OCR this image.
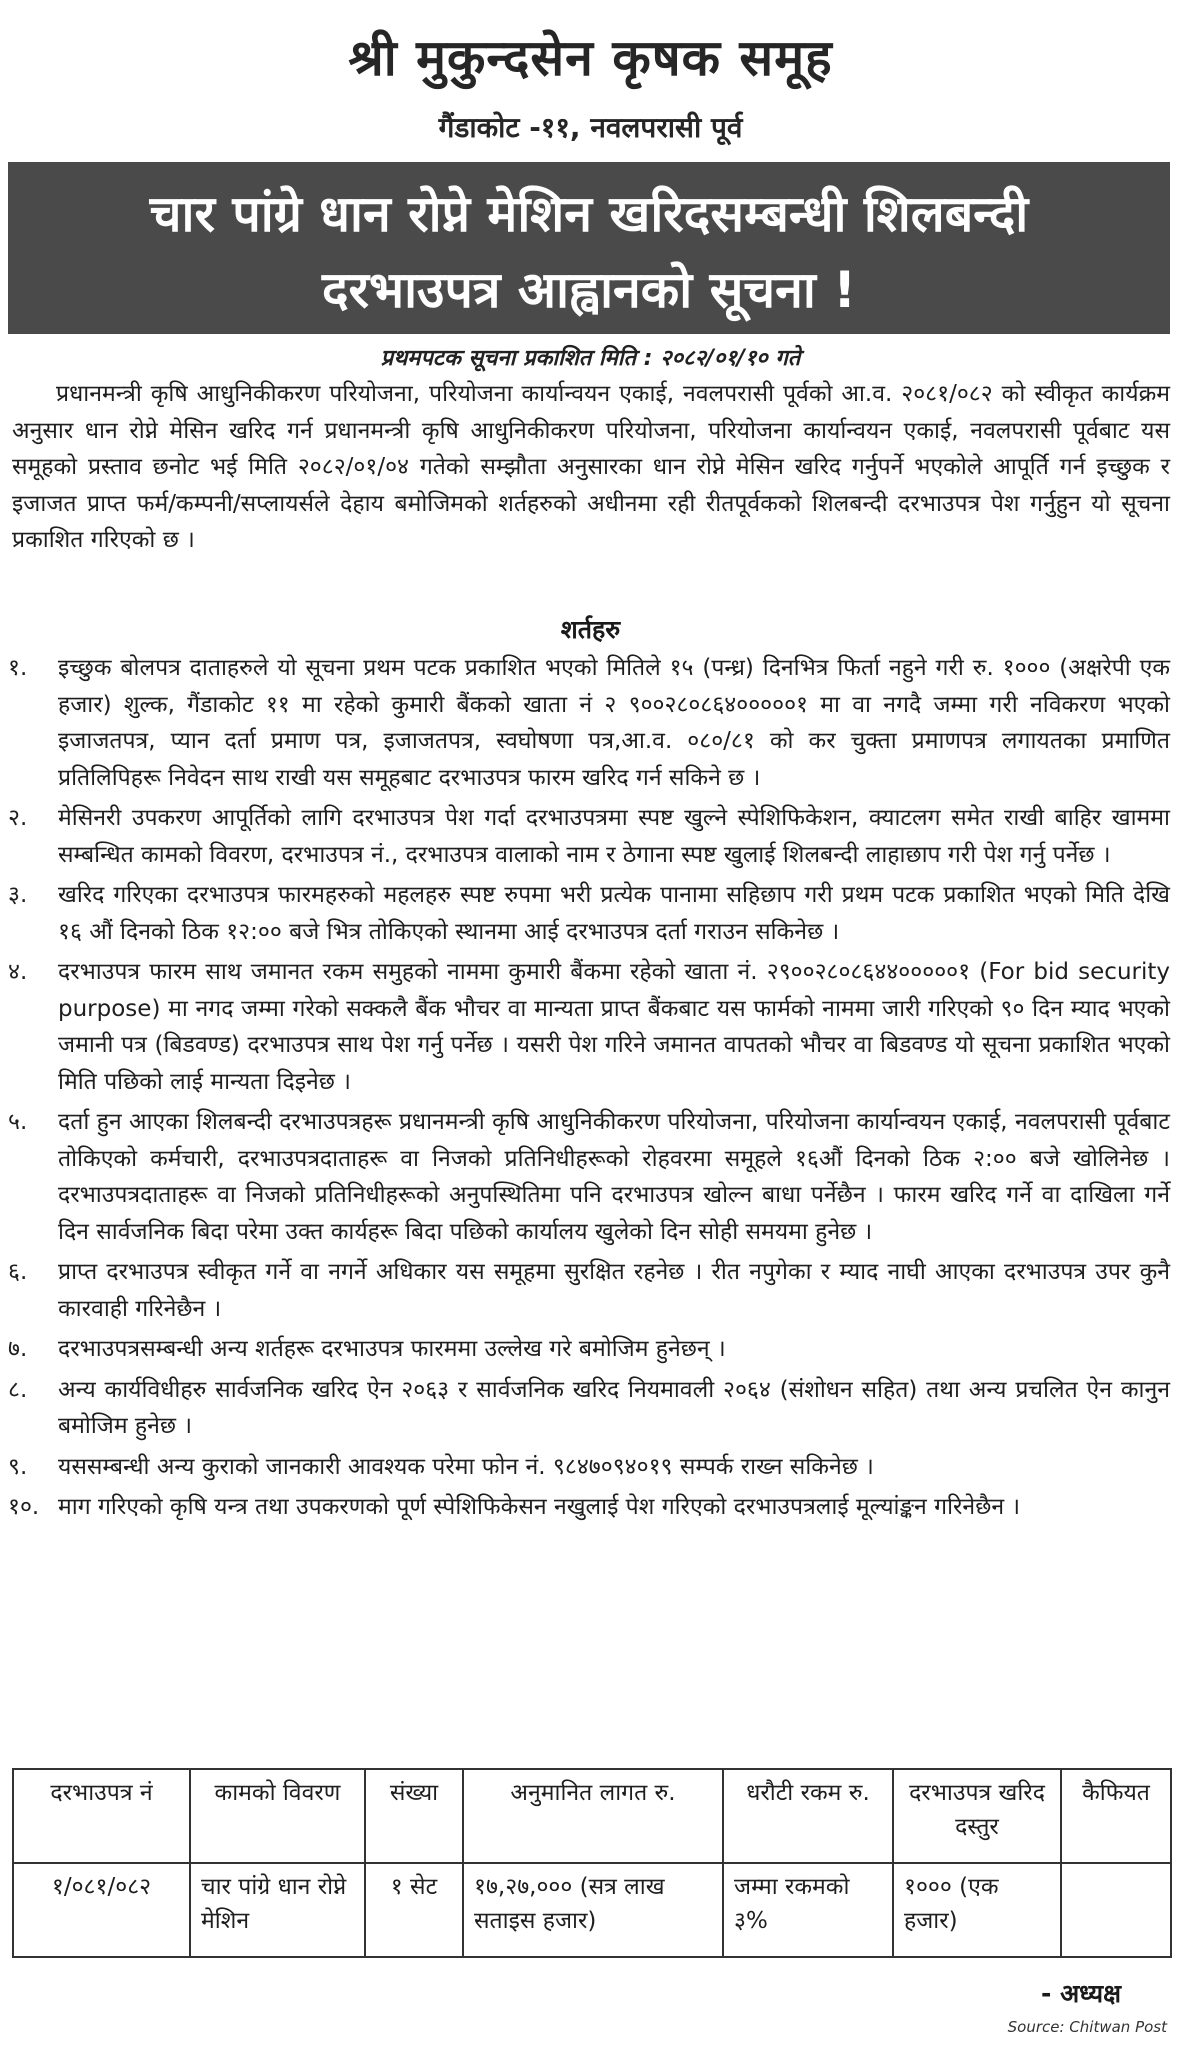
श्री मुकुन्दसेन कृषक समूह
गैंडाकोट -११, नवलपरासी पूर्व
चार पांग्रे धान रोप्ने मेशिन खरिदसम्बन्धी शिलबन्दी
दरभाउपत्र आह्वानको सूचना !
प्रथमपटक सूचना प्रकाशित मिति : २०८२/०१/१० गते

प्रधानमन्त्री कृषि आधुनिकीकरण परियोजना, परियोजना कार्यान्वयन एकाई, नवलपरासी पूर्वको आ.व. २०८१/०८२ को स्वीकृत कार्यक्रम अनुसार धान रोप्ने मेसिन खरिद गर्न प्रधानमन्त्री कृषि आधुनिकीकरण परियोजना, परियोजना कार्यान्वयन एकाई, नवलपरासी पूर्वबाट यस समूहको प्रस्ताव छनोट भई मिति २०८२/०१/०४ गतेको सम्झौता अनुसारका धान रोप्ने मेसिन खरिद गर्नुपर्ने भएकोले आपूर्ति गर्न इच्छुक र इजाजत प्राप्त फर्म/कम्पनी/सप्लायर्सले देहाय बमोजिमको शर्तहरुको अधीनमा रही रीतपूर्वकको शिलबन्दी दरभाउपत्र पेश गर्नुहुन यो सूचना प्रकाशित गरिएको छ ।

शर्तहरु
१.	इच्छुक बोलपत्र दाताहरुले यो सूचना प्रथम पटक प्रकाशित भएको मितिले १५ (पन्ध्र) दिनभित्र फिर्ता नहुने गरी रु. १००० (अक्षरेपी एक हजार) शुल्क, गैंडाकोट ११ मा रहेको कुमारी बैंकको खाता नं २ ९००२८०८६४०००००१ मा वा नगदै जम्मा गरी नविकरण भएको इजाजतपत्र, प्यान दर्ता प्रमाण पत्र, इजाजतपत्र, स्वघोषणा पत्र,आ.व. ०८०/८१ को कर चुक्ता प्रमाणपत्र लगायतका प्रमाणित प्रतिलिपिहरू निवेदन साथ राखी यस समूहबाट दरभाउपत्र फारम खरिद गर्न सकिने छ ।
२.	मेसिनरी उपकरण आपूर्तिको लागि दरभाउपत्र पेश गर्दा दरभाउपत्रमा स्पष्ट खुल्ने स्पेशिफिकेशन, क्याटलग समेत राखी बाहिर खाममा सम्बन्धित कामको विवरण, दरभाउपत्र नं., दरभाउपत्र वालाको नाम र ठेगाना स्पष्ट खुलाई शिलबन्दी लाहाछाप गरी पेश गर्नु पर्नेछ ।
३.	खरिद गरिएका दरभाउपत्र फारमहरुको महलहरु स्पष्ट रुपमा भरी प्रत्येक पानामा सहिछाप गरी प्रथम पटक प्रकाशित भएको मिति देखि १६ औं दिनको ठिक १२:०० बजे भित्र तोकिएको स्थानमा आई दरभाउपत्र दर्ता गराउन सकिनेछ ।
४.	दरभाउपत्र फारम साथ जमानत रकम समुहको नाममा कुमारी बैंकमा रहेको खाता नं. २९००२८०८६४४०००००१ (For bid security purpose) मा नगद जम्मा गरेको सक्कलै बैंक भौचर वा मान्यता प्राप्त बैंकबाट यस फार्मको नाममा जारी गरिएको ९० दिन म्याद भएको जमानी पत्र (बिडवण्ड) दरभाउपत्र साथ पेश गर्नु पर्नेछ । यसरी पेश गरिने जमानत वापतको भौचर वा बिडवण्ड यो सूचना प्रकाशित भएको मिति पछिको लाई मान्यता दिइनेछ ।
५.	दर्ता हुन आएका शिलबन्दी दरभाउपत्रहरू प्रधानमन्त्री कृषि आधुनिकीकरण परियोजना, परियोजना कार्यान्वयन एकाई, नवलपरासी पूर्वबाट तोकिएको कर्मचारी, दरभाउपत्रदाताहरू वा निजको प्रतिनिधीहरूको रोहवरमा समूहले १६औं दिनको ठिक २:०० बजे खोलिनेछ । दरभाउपत्रदाताहरू वा निजको प्रतिनिधीहरूको अनुपस्थितिमा पनि दरभाउपत्र खोल्न बाधा पर्नेछैन । फारम खरिद गर्ने वा दाखिला गर्ने दिन सार्वजनिक बिदा परेमा उक्त कार्यहरू बिदा पछिको कार्यालय खुलेको दिन सोही समयमा हुनेछ ।
६.	प्राप्त दरभाउपत्र स्वीकृत गर्ने वा नगर्ने अधिकार यस समूहमा सुरक्षित रहनेछ । रीत नपुगेका र म्याद नाघी आएका दरभाउपत्र उपर कुनै कारवाही गरिनेछैन ।
७.	दरभाउपत्रसम्बन्धी अन्य शर्तहरू दरभाउपत्र फारममा उल्लेख गरे बमोजिम हुनेछन् ।
८.	अन्य कार्यविधीहरु सार्वजनिक खरिद ऐन २०६३ र सार्वजनिक खरिद नियमावली २०६४ (संशोधन सहित) तथा अन्य प्रचलित ऐन कानुन बमोजिम हुनेछ ।
९.	यससम्बन्धी अन्य कुराको जानकारी आवश्यक परेमा फोन नं. ९८४७०९४०१९ सम्पर्क राख्न सकिनेछ ।
१०. माग गरिएको कृषि यन्त्र तथा उपकरणको पूर्ण स्पेशिफिकेसन नखुलाई पेश गरिएको दरभाउपत्रलाई मूल्यांङ्कन गरिनेछैन ।
दरभाउपत्र नं	कामको विवरण	संख्या	अनुमानित लागत रु.	धरौटी रकम रु.	दरभाउपत्र खरिद दस्तुर	कैफियत
१/०८१/०८२	चार पांग्रे धान रोप्ने मेशिन	१ सेट	१७,२७,००० (सत्र लाख सताइस हजार)	जम्मा रकमको ३%	१००० (एक हजार)	
- अध्यक्ष
Source: Chitwan Post
